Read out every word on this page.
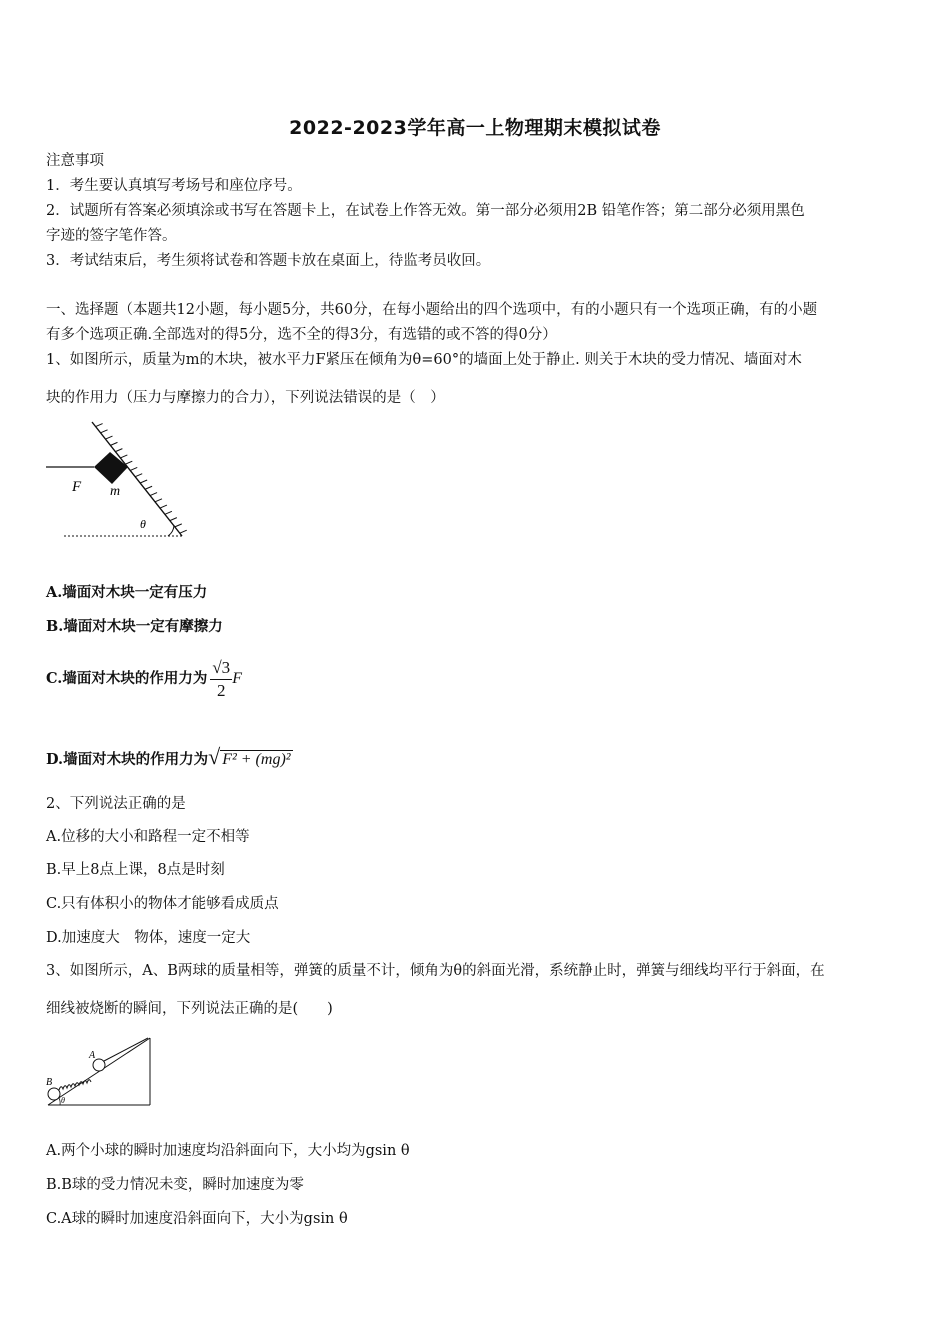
2022-2023学年高一上物理期末模拟试卷
注意事项
1．考生要认真填写考场号和座位序号。
2．试题所有答案必须填涂或书写在答题卡上，在试卷上作答无效。第一部分必须用2B 铅笔作答；第二部分必须用黑色
字迹的签字笔作答。
3．考试结束后，考生须将试卷和答题卡放在桌面上，待监考员收回。
一、选择题（本题共12小题，每小题5分，共60分，在每小题给出的四个选项中，有的小题只有一个选项正确，有的小题
有多个选项正确.全部选对的得5分，选不全的得3分，有选错的或不答的得0分）
1、如图所示，质量为m的木块，被水平力F紧压在倾角为θ=60°的墙面上处于静止. 则关于木块的受力情况、墙面对木
块的作用力（压力与摩擦力的合力），下列说法错误的是（　）
F m
θ
A.墙面对木块一定有压力
B.墙面对木块一定有摩擦力
C.墙面对木块的作用力为 $\frac{√3}{2}$ F
D.墙面对木块的作用力为√ F² + (mg)²
2、下列说法正确的是
A.位移的大小和路程一定不相等
B.早上8点上课，8点是时刻
C.只有体积小的物体才能够看成质点
D.加速度大　物体，速度一定大
3、如图所示，A、B两球的质量相等，弹簧的质量不计，倾角为θ的斜面光滑，系统静止时，弹簧与细线均平行于斜面，在
细线被烧断的瞬间，下列说法正确的是(　　)
A
B
θ
A.两个小球的瞬时加速度均沿斜面向下，大小均为gsin θ
B.B球的受力情况未变，瞬时加速度为零
C.A球的瞬时加速度沿斜面向下，大小为gsin θ
